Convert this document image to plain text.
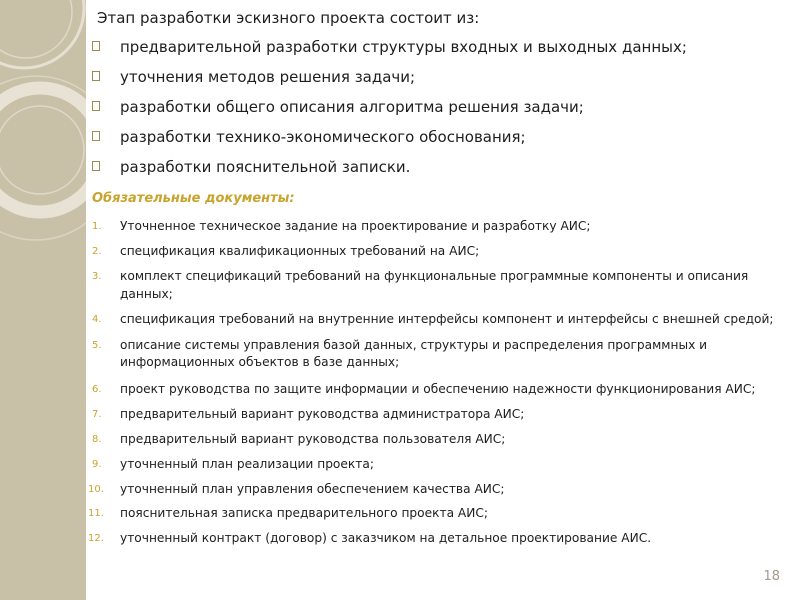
Этап разработки эскизного проекта состоит из:
предварительной разработки структуры входных и выходных данных;
уточнения методов решения задачи;
разработки общего описания алгоритма решения задачи;
разработки технико-экономического обоснования;
разработки пояснительной записки.
Обязательные документы:
1. Уточненное техническое задание на проектирование и разработку АИС;
2. спецификация квалификационных требований на АИС;
3. комплект спецификаций требований на функциональные программные компоненты и описания
данных;
4. спецификация требований на внутренние интерфейсы компонент и интерфейсы с внешней средой;
5. описание системы управления базой данных, структуры и распределения программных и
информационных объектов в базе данных;
6. проект руководства по защите информации и обеспечению надежности функционирования АИС;
7. предварительный вариант руководства администратора АИС;
8. предварительный вариант руководства пользователя АИС;
9. уточненный план реализации проекта;
10. уточненный план управления обеспечением качества АИС;
11. пояснительная записка предварительного проекта АИС;
12. уточненный контракт (договор) с заказчиком на детальное проектирование АИС.
18
